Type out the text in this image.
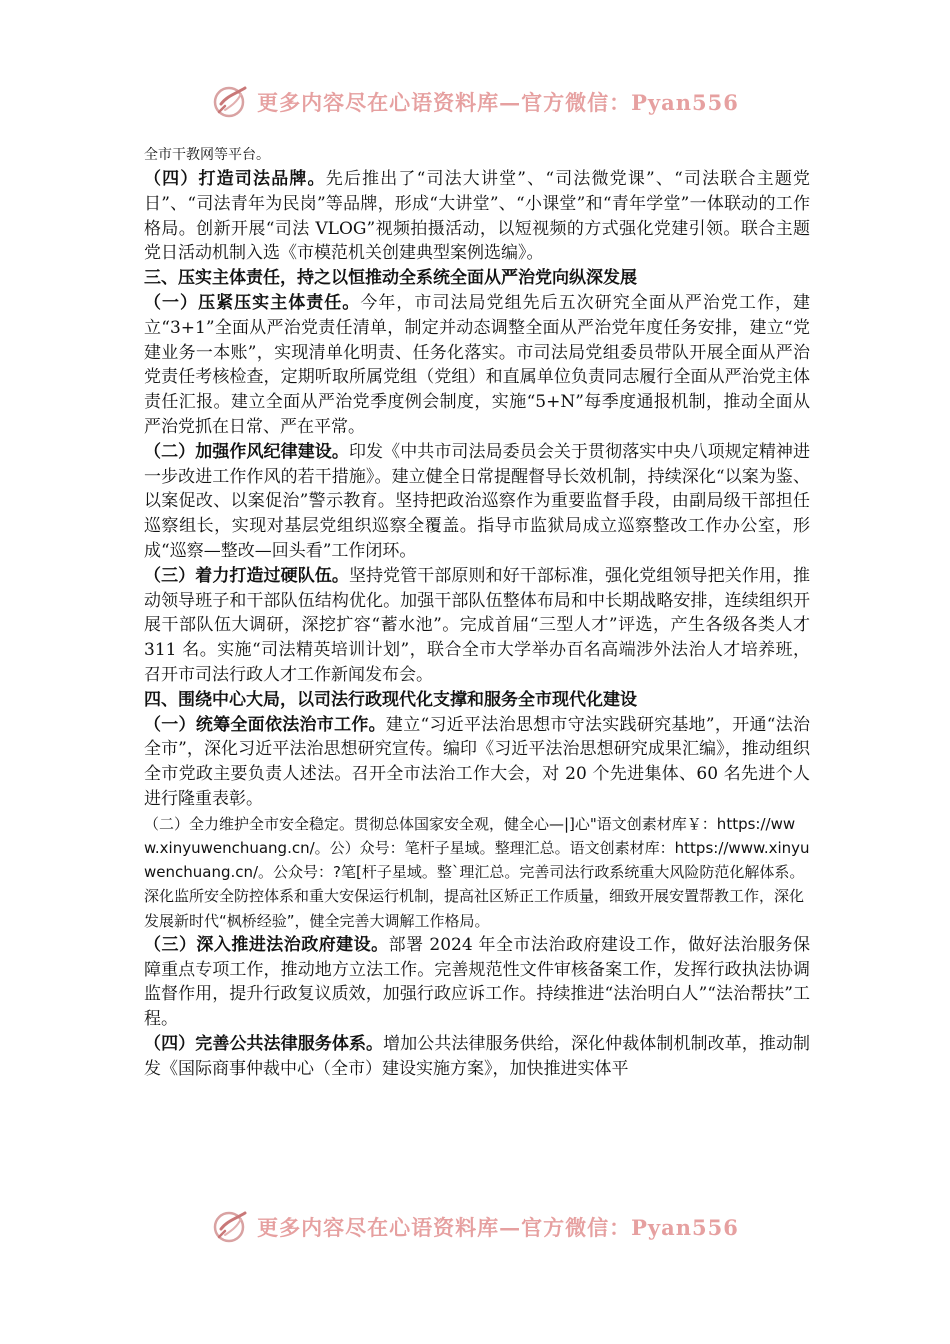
更多内容尽在心语资料库—官方微信：Pyan556

全市干教网等平台。

（四）打造司法品牌。先后推出了“司法大讲堂”、“司法微党课”、“司法联合主题党日”、“司法青年为民岗”等品牌，形成“大讲堂”、“小课堂”和“青年学堂”一体联动的工作格局。创新开展“司法 VLOG”视频拍摄活动，以短视频的方式强化党建引领。联合主题党日活动机制入选《市模范机关创建典型案例选编》。

三、压实主体责任，持之以恒推动全系统全面从严治党向纵深发展

（一）压紧压实主体责任。今年，市司法局党组先后五次研究全面从严治党工作，建立“3+1”全面从严治党责任清单，制定并动态调整全面从严治党年度任务安排，建立“党建业务一本账”，实现清单化明责、任务化落实。市司法局党组委员带队开展全面从严治党责任考核检查，定期听取所属党组（党组）和直属单位负责同志履行全面从严治党主体责任汇报。建立全面从严治党季度例会制度，实施“5+N”每季度通报机制，推动全面从严治党抓在日常、严在平常。

（二）加强作风纪律建设。印发《中共市司法局委员会关于贯彻落实中央八项规定精神进一步改进工作作风的若干措施》。建立健全日常提醒督导长效机制，持续深化“以案为鉴、以案促改、以案促治”警示教育。坚持把政治巡察作为重要监督手段，由副局级干部担任巡察组长，实现对基层党组织巡察全覆盖。指导市监狱局成立巡察整改工作办公室，形成“巡察—整改—回头看”工作闭环。

（三）着力打造过硬队伍。坚持党管干部原则和好干部标准，强化党组领导把关作用，推动领导班子和干部队伍结构优化。加强干部队伍整体布局和中长期战略安排，连续组织开展干部队伍大调研，深挖扩容“蓄水池”。完成首届“三型人才”评选，产生各级各类人才 311 名。实施“司法精英培训计划”，联合全市大学举办百名高端涉外法治人才培养班，召开市司法行政人才工作新闻发布会。

四、围绕中心大局，以司法行政现代化支撑和服务全市现代化建设

（一）统筹全面依法治市工作。建立“习近平法治思想市守法实践研究基地”，开通“法治全市”，深化习近平法治思想研究宣传。编印《习近平法治思想研究成果汇编》，推动组织全市党政主要负责人述法。召开全市法治工作大会，对 20 个先进集体、60 名先进个人进行隆重表彰。

（二）全力维护全市安全稳定。贯彻总体国家安全观，健全心—|]心"语文创素材库￥：https://www.xinyuwenchuang.cn/。公）众号：笔杆子星域。整理汇总。语文创素材库：https://www.xinyuwenchuang.cn/。公众号：?笔[杆子星域。整`理汇总。完善司法行政系统重大风险防范化解体系。深化监所安全防控体系和重大安保运行机制，提高社区矫正工作质量，细致开展安置帮教工作，深化发展新时代“枫桥经验”，健全完善大调解工作格局。

（三）深入推进法治政府建设。部署 2024 年全市法治政府建设工作，做好法治服务保障重点专项工作，推动地方立法工作。完善规范性文件审核备案工作，发挥行政执法协调监督作用，提升行政复议质效，加强行政应诉工作。持续推进“法治明白人”“法治帮扶”工程。

（四）完善公共法律服务体系。增加公共法律服务供给，深化仲裁体制机制改革，推动制发《国际商事仲裁中心（全市）建设实施方案》，加快推进实体平

更多内容尽在心语资料库—官方微信：Pyan556
